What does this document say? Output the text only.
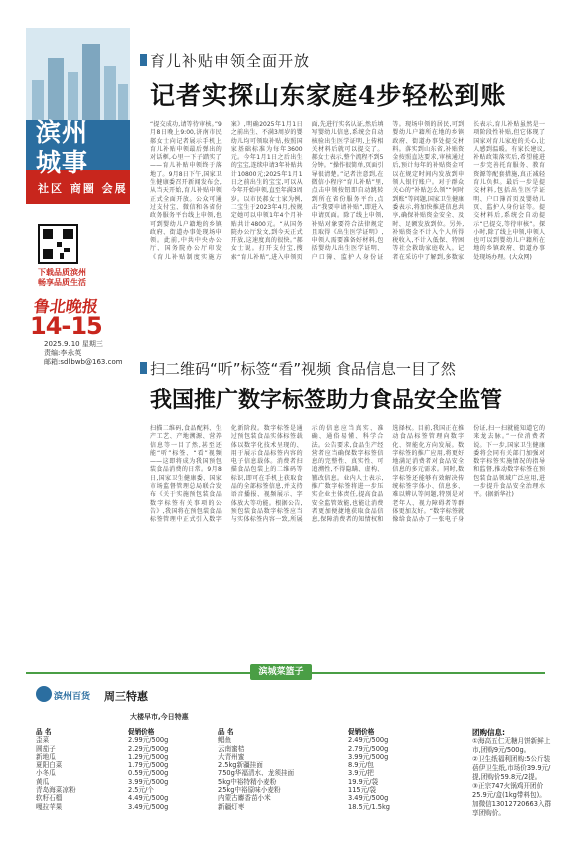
滨州城事
社区 商圈 会展
下载品质滨州
畅享品质生活
鲁北晚报
14-15
2025.9.10 星期三
责编:李永英
邮箱:sdlbwb@163.com
育儿补贴申领全面开放
记者实探山东家庭4步轻松到账
“提交成功,请等待审核。”9月8日晚上9:00,济南市民郝女士向记者展示手机上育儿补贴申领最后弹出的对话框,心里一下子踏实了——育儿补贴申领终于落地了。9月8日下午,国家卫生健康委召开新闻发布会,从当天开始,育儿补贴申领正式全面开放。公众可通过支付宝、微信和各省份政务服务平台线上申领,也可到婴幼儿户籍地的乡镇政府、街道办事处现场申领。此前,中共中央办公厅、国务院办公厅印发《育儿补贴制度实施方案》,明确2025年1月1日之前出生、不满3周岁的婴幼儿均可领取补贴,按照国家基础标准为每年3600元。今年1月1日之后出生的宝宝,连续申请3年补贴共计10800元;2025年1月1日之前出生的宝宝,可以从今年开始申领,直至年满3周岁。以市民郝女士家为例,二宝生于2023年4月,按规定她可以申领1年4个月补贴共计4800元。“从国务院办公厅发文,到今天正式开放,这速度真的很快。”郝女士说。打开支付宝,搜索“育儿补贴”,进入申领页面,先进行实名认证,然后填写婴幼儿信息,系统会自动核验出生医学证明,上传相关材料后就可以提交了。郝女士表示,整个流程不到5分钟。“操作很简单,页面引导很清楚。”记者注意到,在微信小程序“育儿补贴”里,点击申领按钮即自动跳转到所在省份服务平台,点击“我要申请补贴”,即进入申请页面。除了线上申领,补贴对象要符合法律规定且取得《出生医学证明》,申领人需要准备好材料,包括婴幼儿出生医学证明、户口簿、监护人身份证等。现场申领的居民,可到婴幼儿户籍所在地的乡镇政府、街道办事处提交材料。落实到山东省,补贴资金按照直达要求,审核通过后,预计每年的补贴资金可以在规定时间内发放到申领人银行账户。对于群众关心的“补贴怎么领”“何时到账”等问题,国家卫生健康委表示,将加快推进信息共享,确保补贴资金安全、及时、足额发放到位。另外,补贴资金不计入个人所得税收入,不计入低保、特困等社会救助家庭收入。记者在采访中了解到,多数家长表示,育儿补贴虽然是一项阶段性补贴,但它体现了国家对育儿家庭的关心,让人感到温暖。有家长建议,补贴政策落实后,希望能进一步完善托育服务、教育资源等配套措施,真正减轻育儿负担。最后一步是提交材料,包括出生医学证明、户口簿首页及婴幼儿页、监护人身份证等。提交材料后,系统会自动提示“已提交,等待审核”。探小时,除了线上申领,申领人也可以到婴幼儿户籍所在地的乡镇政府、街道办事处现场办理。(大众网)
扫二维码“听”标签“看”视频 食品信息一目了然
我国推广数字标签助力食品安全监管
扫描二维码,食品配料、生产工艺、产地溯源、营养信息等一目了然,甚至还能“听”标签、“看”视频——这即将成为我国预包装食品消费的日常。9月8日,国家卫生健康委、国家市场监督管理总局联合发布《关于实施预包装食品数字标签有关事项的公告》,我国将在预包装食品标签管理中正式引入数字化新阶段。数字标签是通过预包装食品实体标签载体以数字化技术呈现的、用于展示食品标签内容的电子信息载体。消费者扫描食品包装上的二维码等标识,即可在手机上获取食品的全部标签信息,并支持语音播报、视频展示、字体放大等功能。根据公告,预包装食品数字标签应当与实体标签内容一致,所展示的信息应当真实、准确、通俗易懂、科学合法。公告要求,食品生产经营者应当确保数字标签信息的完整性、真实性、可追溯性,不得隐瞒、虚构、篡改信息。业内人士表示,推广数字标签将进一步压实企业主体责任,提高食品安全监管效能,也能让消费者更加便捷地获取食品信息,保障消费者的知情权和选择权。目前,我国正在推动食品标签管理向数字化、智能化方向发展。数字标签的推广应用,将更好地满足消费者对食品安全信息的多元需求。同时,数字标签还能够有效解决传统标签字体小、信息多、难以辨认等问题,特别是对老年人、视力障碍者等群体更加友好。“数字标签就像给食品办了一张电子身份证,扫一扫就能知道它的来龙去脉。”一位消费者说。下一步,国家卫生健康委将会同有关部门加强对数字标签实施情况的指导和监督,推动数字标签在预包装食品领域广泛应用,进一步提升食品安全治理水平。(据新华社)
滨城菜篮子
滨州百货 周三特惠
大楼早市,今日特惠
品 名
歪菜
圆茄子
新地瓜
夏阳白菜
小冬瓜
黄瓜
青岛海菜凉粉
软籽石榴
嘎拉苹果
促销价格
2.99元/500g
2.29元/500g
1.29元/500g
1.79元/500g
0.59元/500g
3.99元/500g
2.5元/个
4.49元/500g
3.49元/500g
品 名
鲳鱼
云南蜜桔
大青州蜜
2.5kg新疆挂面
750g华福清水、龙须挂面
5kg中裕特精小麦粉
25kg中裕原味小麦粉
内蒙古麝香苗小米
新疆灯枣
促销价格
2.49元/500g
2.79元/500g
3.99元/500g
8.9元/包
3.9元/把
19.9元/袋
115元/袋
3.49元/500g
18.5元/1.5kg
团购信息:
①海高五仁无糖月饼新鲜上市,团购9元/500g。
②卫生纸福利团购:5公斤装蓓伊卫生纸,市场价39.9元/提,团购价59.8元/2提。
③正宗747火锅鸡开团价25.9元/盒(1kg带料包)。
加微信13012720663入群享团购价。
